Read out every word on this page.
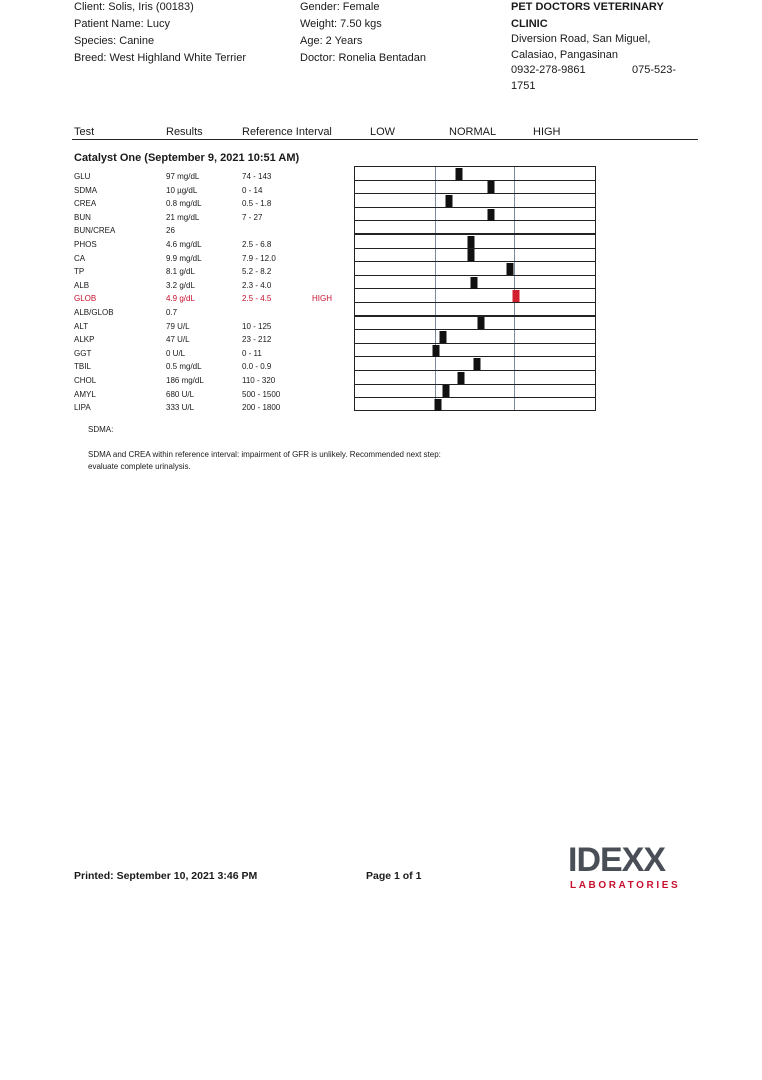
Client: Solis, Iris (00183)
Patient Name: Lucy
Species: Canine
Breed: West Highland White Terrier
Gender: Female
Weight: 7.50 kgs
Age: 2 Years
Doctor: Ronelia Bentadan
PET DOCTORS VETERINARY
CLINIC
Diversion Road, San Miguel,
Calasiao, Pangasinan
0932-278-9861	075-523-
1751
Test	Results	Reference Interval	LOW	NORMAL	HIGH
Catalyst One (September 9, 2021 10:51 AM)
GLU	97 mg/dL	74 - 143
SDMA	10 µg/dL	0 - 14
CREA	0.8 mg/dL	0.5 - 1.8
BUN	21 mg/dL	7 - 27
BUN/CREA	26
PHOS	4.6 mg/dL	2.5 - 6.8
CA	9.9 mg/dL	7.9 - 12.0
TP	8.1 g/dL	5.2 - 8.2
ALB	3.2 g/dL	2.3 - 4.0
GLOB	4.9 g/dL	2.5 - 4.5	HIGH
ALB/GLOB	0.7
ALT	79 U/L	10 - 125
ALKP	47 U/L	23 - 212
GGT	0 U/L	0 - 11
TBIL	0.5 mg/dL	0.0 - 0.9
CHOL	186 mg/dL	110 - 320
AMYL	680 U/L	500 - 1500
LIPA	333 U/L	200 - 1800
SDMA:
SDMA and CREA within reference interval: impairment of GFR is unlikely. Recommended next step:
evaluate complete urinalysis.
Printed: September 10, 2021 3:46 PM	Page 1 of 1	IDEXX
LABORATORIES
